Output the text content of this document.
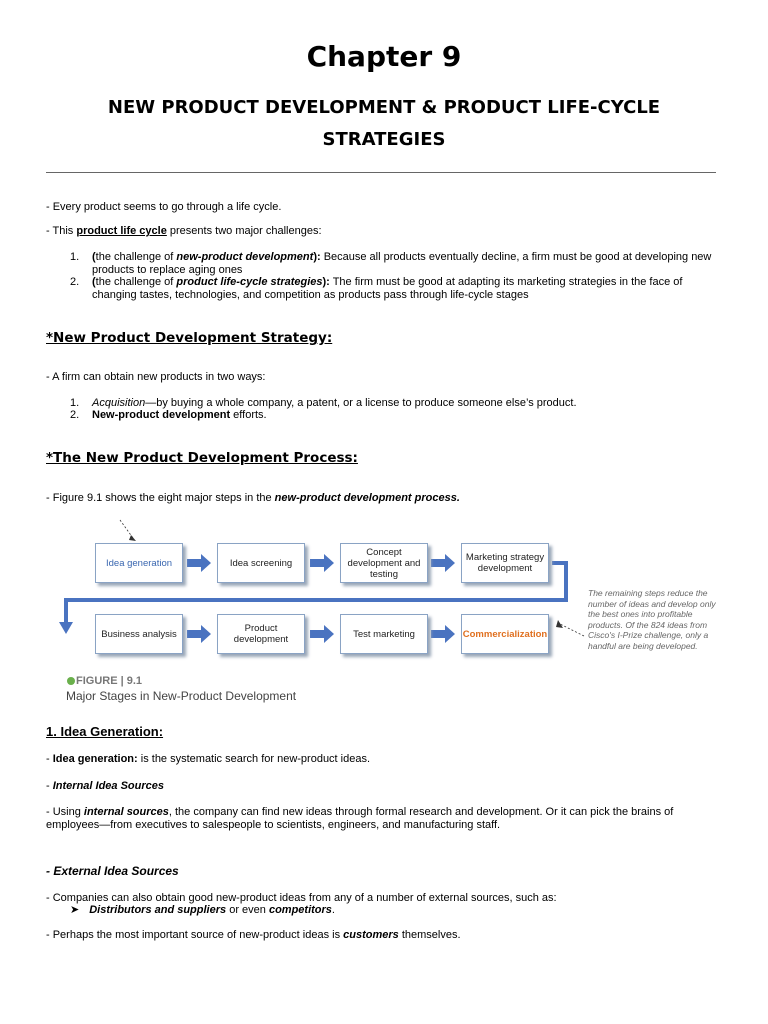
Chapter 9
NEW PRODUCT DEVELOPMENT & PRODUCT LIFE-CYCLE
STRATEGIES
- Every product seems to go through a life cycle.
- This product life cycle presents two major challenges:
1. (the challenge of new-product development): Because all products eventually decline, a firm must be good at developing new products to replace aging ones
2. (the challenge of product life-cycle strategies): The firm must be good at adapting its marketing strategies in the face of changing tastes, technologies, and competition as products pass through life-cycle stages
*New Product Development Strategy:
- A firm can obtain new products in two ways:
1. Acquisition—by buying a whole company, a patent, or a license to produce someone else’s product.
2. New-product development efforts.
*The New Product Development Process:
- Figure 9.1 shows the eight major steps in the new-product development process.
Idea generation	Idea screening
Concept development and testing
Marketing strategy development
Business analysis	Product development	Test marketing	Commercialization
The remaining steps reduce the number of ideas and develop only the best ones into profitable products. Of the 824 ideas from Cisco's I-Prize challenge, only a handful are being developed.
FIGURE | 9.1
Major Stages in New-Product Development
1. Idea Generation:
- Idea generation: is the systematic search for new-product ideas.
- Internal Idea Sources
- Using internal sources, the company can find new ideas through formal research and development. Or it can pick the brains of employees—from executives to salespeople to scientists, engineers, and manufacturing staff.
- External Idea Sources
- Companies can also obtain good new-product ideas from any of a number of external sources, such as:
➤ Distributors and suppliers or even competitors.
- Perhaps the most important source of new-product ideas is customers themselves.
